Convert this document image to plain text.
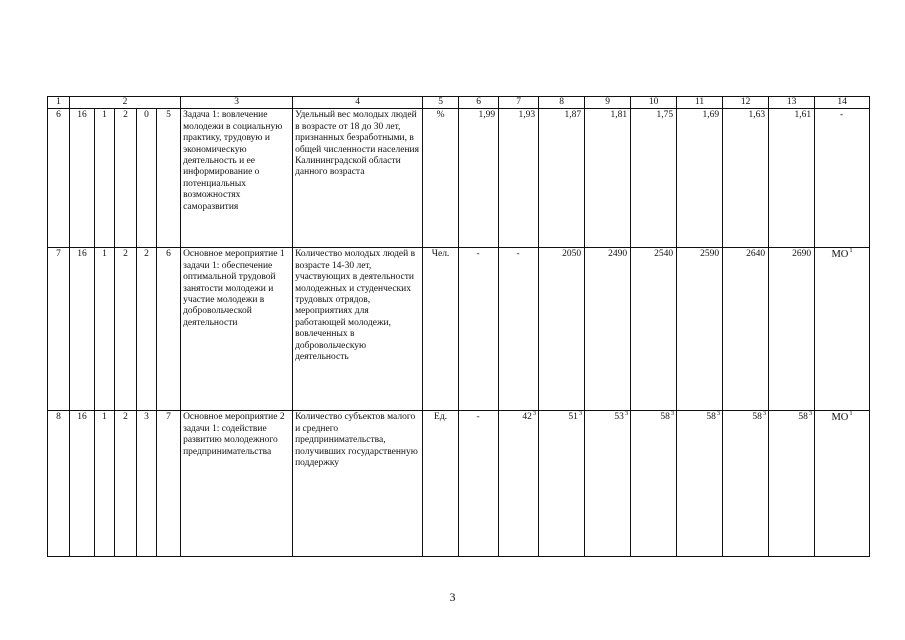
1	2					3	4	5	6	7	8	9	10	11	12	13	14
6	16	1	2	0	5	Задача 1: вовлечение молодежи в социальную практику, трудовую и экономическую деятельность и ее информирование о потенциальных возможностях саморазвития	Удельный вес молодых людей в возрасте от 18 до 30 лет, признанных безработными, в общей численности населения Калининградской области данного возраста	%	1,99	1,93	1,87	1,81	1,75	1,69	1,63	1,61	-
7	16	1	2	2	6	Основное мероприятие 1 задачи 1: обеспечение оптимальной трудовой занятости молодежи и участие молодежи в добровольческой деятельности	Количество молодых людей в возрасте 14-30 лет, участвующих в деятельности молодежных и студенческих трудовых отрядов, мероприятиях для работающей молодежи, вовлеченных в добровольческую деятельность	Чел.	-	-	2050	2490	2540	2590	2640	2690	$МО^1$
8	16	1	2	3	7	Основное мероприятие 2 задачи 1: содействие развитию молодежного предпринимательства	Количество субъектов малого и среднего предпринимательства, получивших государственную поддержку	Ед.	-	$42^3$	$51^3$	$53^3$	$58^3$	$58^3$	$58^3$	$58^3$	$МО^1$
3
